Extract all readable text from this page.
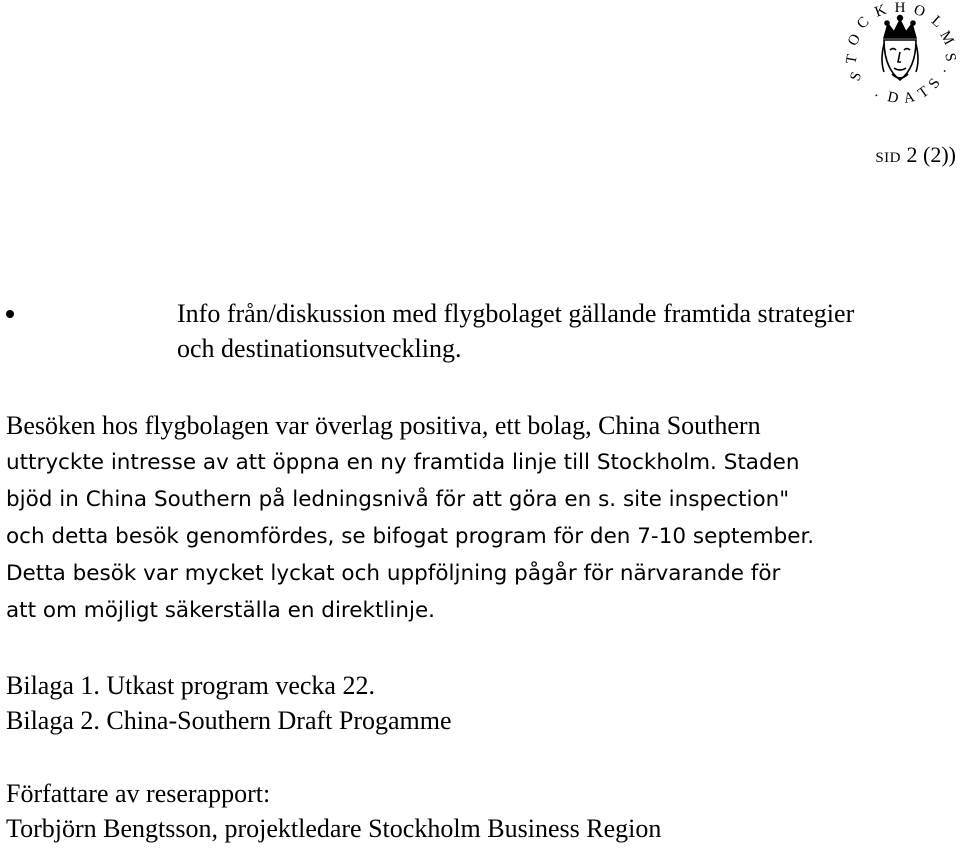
S
T
O
C
K H O
L
M
S
.
S
T
A
D
.
SID 2 (2))
Info från/diskussion med flygbolaget gällande framtida strategier och destinationsutveckling.
Besöken hos flygbolagen var överlag positiva, ett bolag, China Southern
uttryckte intresse av att öppna en ny framtida linje till Stockholm. Staden
bjöd in China Southern på ledningsnivå för att göra en s. site inspection"
och detta besök genomfördes, se bifogat program för den 7-10 september.
Detta besök var mycket lyckat och uppföljning pågår för närvarande för
att om möjligt säkerställa en direktlinje.
Bilaga 1. Utkast program vecka 22.
Bilaga 2. China-Southern Draft Progamme
Författare av reserapport:
Torbjörn Bengtsson, projektledare Stockholm Business Region
